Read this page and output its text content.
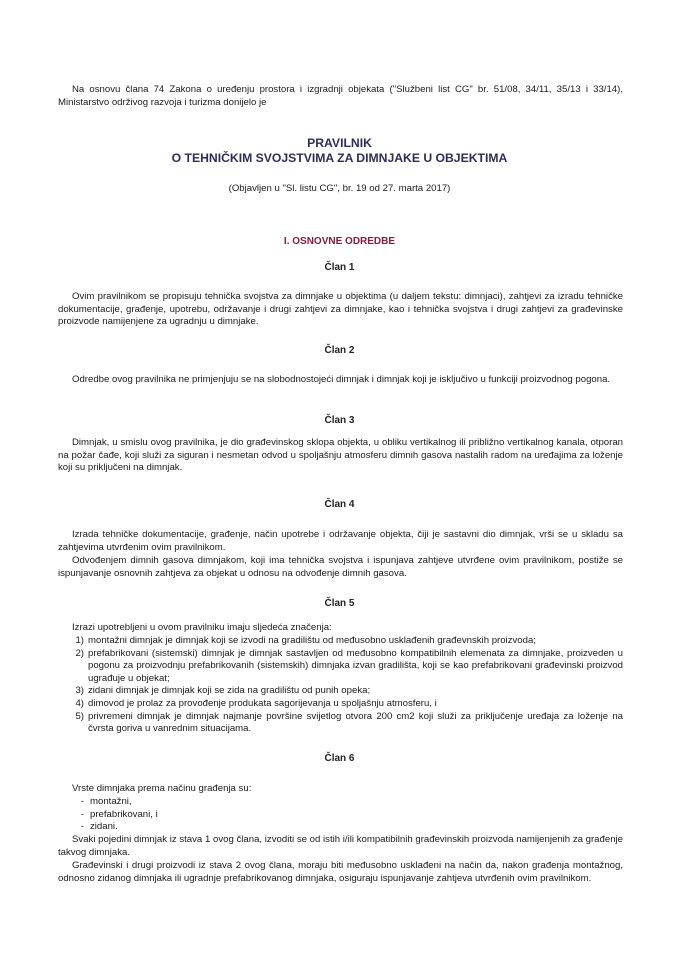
Na osnovu člana 74 Zakona o uređenju prostora i izgradnji objekata ("Službeni list CG" br. 51/08, 34/11, 35/13 i 33/14), Ministarstvo održivog razvoja i turizma donijelo je
PRAVILNIK
O TEHNIČKIM SVOJSTVIMA ZA DIMNJAKE U OBJEKTIMA
(Objavljen u "Sl. listu CG", br. 19 od 27. marta 2017)
I. OSNOVNE ODREDBE
Član 1
Ovim pravilnikom se propisuju tehnička svojstva za dimnjake u objektima (u daljem tekstu: dimnjaci), zahtjevi za izradu tehničke dokumentacije, građenje, upotrebu, održavanje i drugi zahtjevi za dimnjake, kao i tehnička svojstva i drugi zahtjevi za građevinske proizvode namijenjene za ugradnju u dimnjake.
Član 2
Odredbe ovog pravilnika ne primjenjuju se na slobodnostojeći dimnjak i dimnjak koji je isključivo u funkciji proizvodnog pogona.
Član 3
Dimnjak, u smislu ovog pravilnika, je dio građevinskog sklopa objekta, u obliku vertikalnog ili približno vertikalnog kanala, otporan na požar čađe, koji služi za siguran i nesmetan odvod u spoljašnju atmosferu dimnih gasova nastalih radom na uređajima za loženje koji su priključeni na dimnjak.
Član 4
Izrada tehničke dokumentacije, građenje, način upotrebe i održavanje objekta, čiji je sastavni dio dimnjak, vrši se u skladu sa zahtjevima utvrđenim ovim pravilnikom.
Odvođenjem dimnih gasova dimnjakom, koji ima tehnička svojstva i ispunjava zahtjeve utvrđene ovim pravilnikom, postiže se ispunjavanje osnovnih zahtjeva za objekat u odnosu na odvođenje dimnih gasova.
Član 5
Izrazi upotrebljeni u ovom pravilniku imaju sljedeća značenja:
1) montažni dimnjak je dimnjak koji se izvodi na gradilištu od međusobno usklađenih građevnskih proizvoda;
2) prefabrikovani (sistemski) dimnjak je dimnjak sastavljen od međusobno kompatibilnih elemenata za dimnjake, proizveden u pogonu za proizvodnju prefabrikovanih (sistemskih) dimnjaka izvan gradilišta, koji se kao prefabrikovani građevinski proizvod ugrađuje u objekat;
3) zidani dimnjak je dimnjak koji se zida na gradilištu od punih opeka;
4) dimovod je prolaz za provođenje produkata sagorijevanja u spoljašnju atmosferu, i
5) privremeni dimnjak je dimnjak najmanje površine svijetlog otvora 200 cm2 koji služi za priključenje uređaja za loženje na čvrsta goriva u vanrednim situacijama.
Član 6
Vrste dimnjaka prema načinu građenja su:
- montažni,
- prefabrikovani, i
- zidani.
Svaki pojedini dimnjak iz stava 1 ovog člana, izvoditi se od istih i/ili kompatibilnih građevinskih proizvoda namijenjenih za građenje takvog dimnjaka.
Građevinski i drugi proizvodi iz stava 2 ovog člana, moraju biti međusobno usklađeni na način da, nakon građenja montažnog, odnosno zidanog dimnjaka ili ugradnje prefabrikovanog dimnjaka, osiguraju ispunjavanje zahtjeva utvrđenih ovim pravilnikom.
